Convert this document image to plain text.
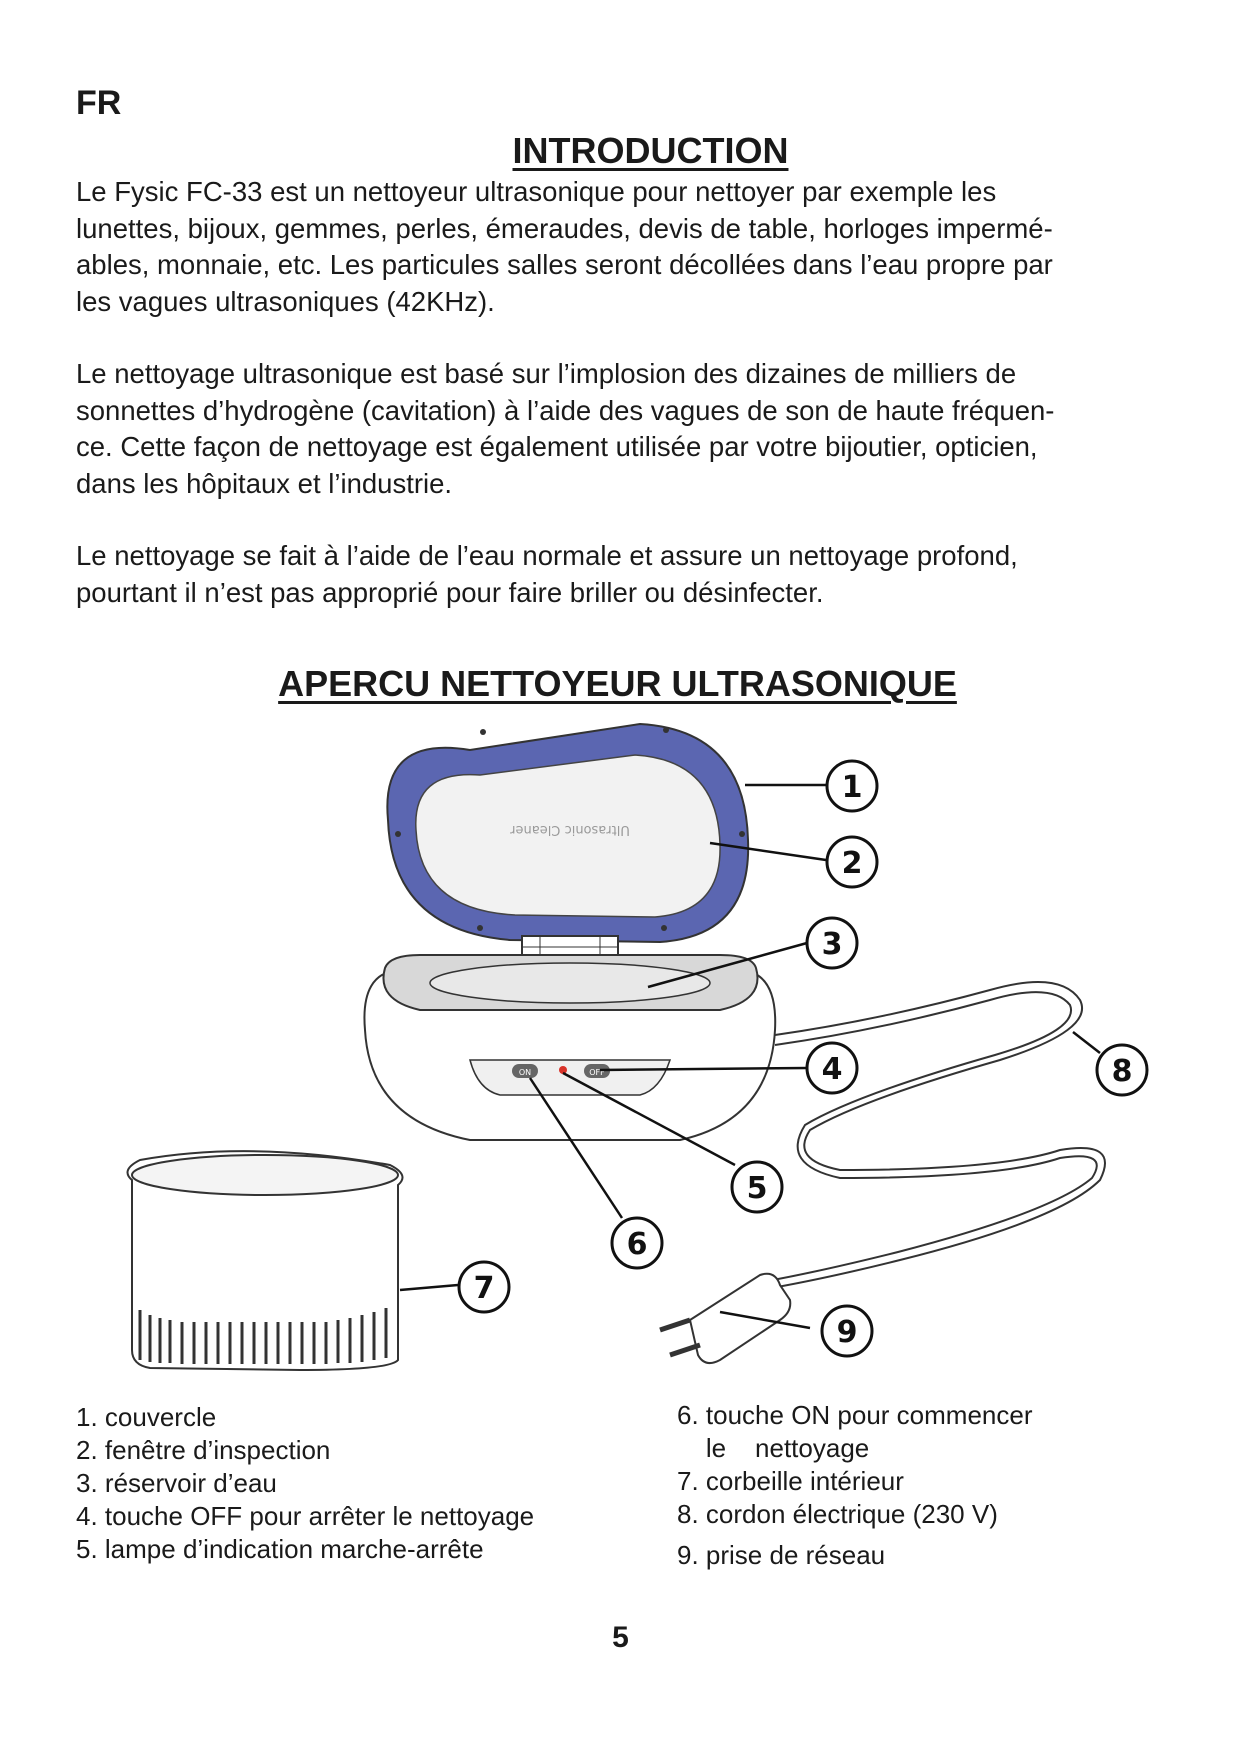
FR
INTRODUCTION
Le Fysic FC-33 est un nettoyeur ultrasonique pour nettoyer par exemple les
lunettes, bijoux, gemmes, perles, émeraudes, devis de table, horloges impermé-
ables, monnaie, etc. Les particules salles seront décollées dans l’eau propre par
les vagues ultrasoniques (42KHz).
Le nettoyage ultrasonique est basé sur l’implosion des dizaines de milliers de
sonnettes d’hydrogène (cavitation) à l’aide des vagues de son de haute fréquen-
ce. Cette façon de nettoyage est également utilisée par votre bijoutier, opticien,
dans les hôpitaux et l’industrie.
Le nettoyage se fait à l’aide de l’eau normale et assure un nettoyage profond,
pourtant il n’est pas approprié pour faire briller ou désinfecter.
APERCU NETTOYEUR ULTRASONIQUE
Ultrasonic Cleaner
ON	OFF
1
2
3
4
5
6
7
8
9
1. couvercle
2. fenêtre d’inspection
3. réservoir d’eau
4. touche OFF pour arrêter le nettoyage
5. lampe d’indication marche-arrête
6. touche ON pour commencer
le    nettoyage
7. corbeille intérieur
8. cordon électrique (230 V)
9. prise de réseau
5
